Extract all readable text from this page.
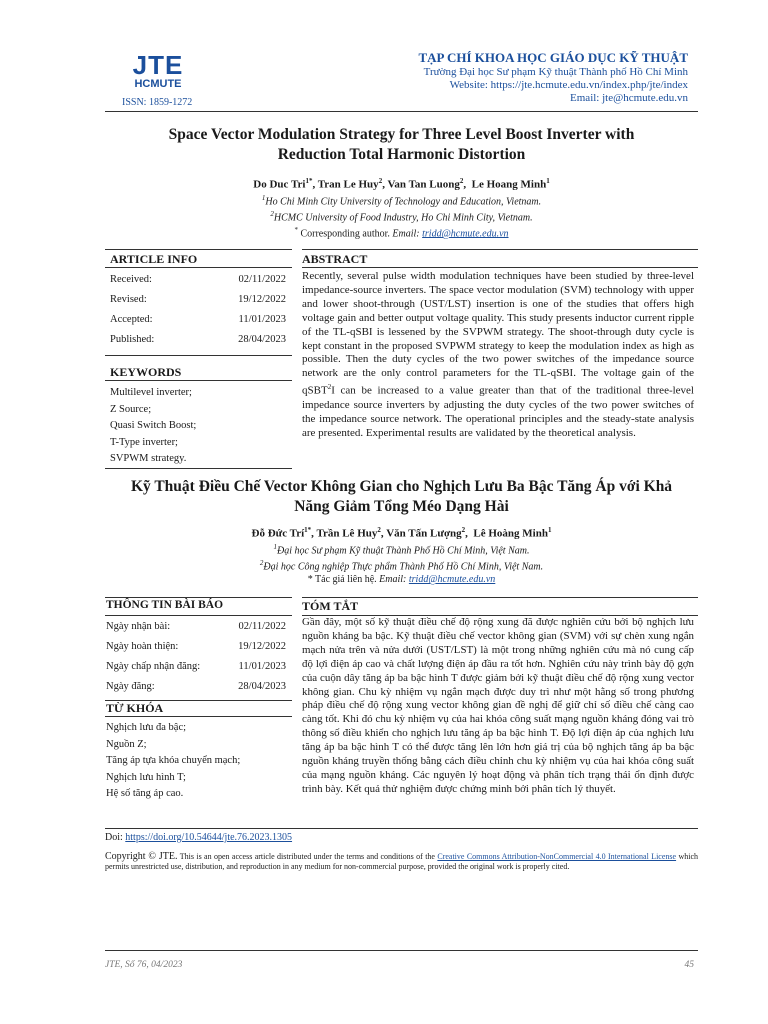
JTE
HCMUTE
ISSN: 1859-1272
TẠP CHÍ KHOA HỌC GIÁO DỤC KỸ THUẬT
Trường Đại học Sư phạm Kỹ thuật Thành phố Hồ Chí Minh
Website: https://jte.hcmute.edu.vn/index.php/jte/index
Email: jte@hcmute.edu.vn
Space Vector Modulation Strategy for Three Level Boost Inverter with
Reduction Total Harmonic Distortion
Do Duc Tri$^{1*}$, Tran Le Huy$^2$, Van Tan Luong$^2$,  Le Hoang Minh$^1$
$^1$Ho Chi Minh City University of Technology and Education, Vietnam.
$^2$HCMC University of Food Industry, Ho Chi Minh City, Vietnam.
* Corresponding author. Email: tridd@hcmute.edu.vn
ARTICLE INFO
Received:	02/11/2022
Revised:	19/12/2022
Accepted:	11/01/2023
Published:	28/04/2023
KEYWORDS
Multilevel inverter;
Z Source;
Quasi Switch Boost;
T-Type inverter;
SVPWM strategy.
ABSTRACT
Recently, several pulse width modulation techniques have been studied by three-level impedance-source inverters. The space vector modulation (SVM) technology with upper and lower shoot-through (UST/LST) insertion is one of the studies that offers high voltage gain and better output voltage quality. This study presents inductor current ripple of the TL-qSBI is lessened by the SVPWM strategy. The shoot-through duty cycle is kept constant in the proposed SVPWM strategy to keep the modulation index as high as possible. Then the duty cycles of the two power switches of the impedance source network are the only control parameters for the TL-qSBI. The voltage gain of the qSBT$^2$I can be increased to a value greater than that of the traditional three-level impedance source inverters by adjusting the duty cycles of the two power switches of the impedance source network. The operational principles and the steady-state analysis are presented. Experimental results are validated by the theoretical analysis.
Kỹ Thuật Điều Chế Vector Không Gian cho Nghịch Lưu Ba Bậc Tăng Áp với Khả
Năng Giảm Tổng Méo Dạng Hài
Đỗ Đức Trí$^{1*}$, Trần Lê Huy$^2$, Văn Tấn Lượng$^2$,  Lê Hoàng Minh$^1$
$^1$Đại học Sư phạm Kỹ thuật Thành Phố Hồ Chí Minh, Việt Nam.
$^2$Đại học Công nghiệp Thực phẩm Thành Phố Hồ Chí Minh, Việt Nam.
* Tác giả liên hệ. Email: tridd@hcmute.edu.vn
THÔNG TIN BÀI BÁO
Ngày nhận bài:	02/11/2022
Ngày hoàn thiện:	19/12/2022
Ngày chấp nhận đăng:	11/01/2023
Ngày đăng:	28/04/2023
TỪ KHÓA
Nghịch lưu đa bậc;
Nguồn Z;
Tăng áp tựa khóa chuyển mạch;
Nghịch lưu hình T;
Hệ số tăng áp cao.
TÓM TẮT
Gần đây, một số kỹ thuật điều chế độ rộng xung đã được nghiên cứu bởi bộ nghịch lưu nguồn kháng ba bậc. Kỹ thuật điều chế vector không gian (SVM) với sự chèn xung ngắn mạch nửa trên và nửa dưới (UST/LST) là một trong những nghiên cứu mà nó cung cấp độ lợi điện áp cao và chất lượng điện áp đầu ra tốt hơn. Nghiên cứu này trình bày độ gợn của cuộn dây tăng áp ba bậc hình T được giảm bởi kỹ thuật điều chế độ rộng xung vector không gian. Chu kỳ nhiệm vụ ngắn mạch được duy trì như một hằng số trong phương pháp điều chế độ rộng xung vector không gian đề nghị để giữ chỉ số điều chế càng cao càng tốt. Khi đó chu kỳ nhiệm vụ của hai khóa công suất mạng nguồn kháng đóng vai trò thông số điều khiển cho nghịch lưu tăng áp ba bậc hình T. Độ lợi điện áp của nghịch lưu tăng áp ba bậc hình T có thể được tăng lên lớn hơn giá trị của bộ nghịch tăng áp ba bậc nguồn kháng truyền thống bằng cách điều chỉnh chu kỳ nhiệm vụ của hai khóa công suất của mạng nguồn kháng. Các nguyên lý hoạt động và phân tích trạng thái ổn định được trình bày. Kết quả thử nghiệm được chứng minh bởi phân tích lý thuyết.
Doi: https://doi.org/10.54644/jte.76.2023.1305
Copyright © JTE. This is an open access article distributed under the terms and conditions of the Creative Commons Attribution-NonCommercial 4.0 International License which permits unrestricted use, distribution, and reproduction in any medium for non-commercial purpose, provided the original work is properly cited.
JTE, Số 76, 04/2023	45
